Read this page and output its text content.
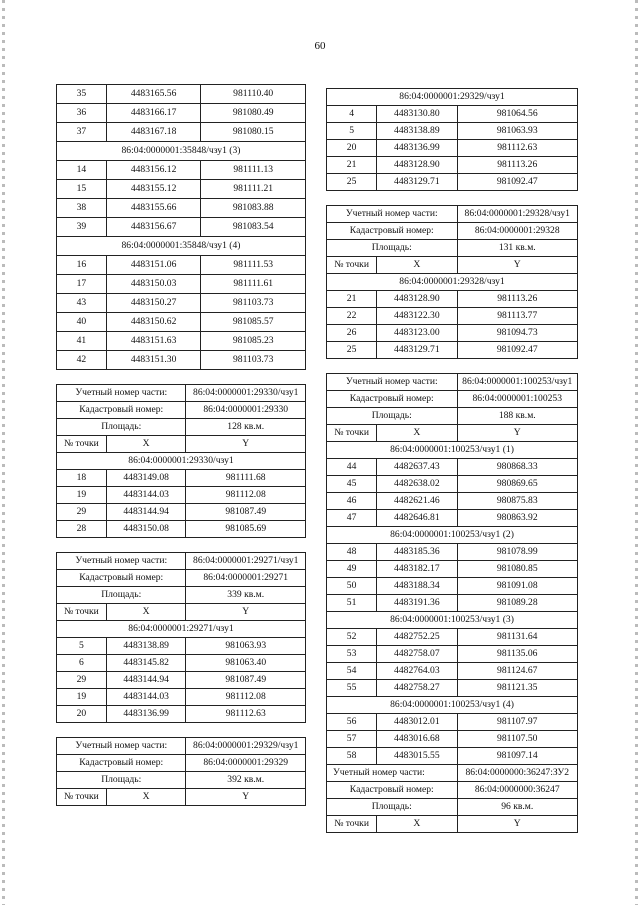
60
35	4483165.56	981110.40
36	4483166.17	981080.49
37	4483167.18	981080.15
86:04:0000001:35848/чзу1 (3)		
14	4483156.12	981111.13
15	4483155.12	981111.21
38	4483155.66	981083.88
39	4483156.67	981083.54
86:04:0000001:35848/чзу1 (4)		
16	4483151.06	981111.53
17	4483150.03	981111.61
43	4483150.27	981103.73
40	4483150.62	981085.57
41	4483151.63	981085.23
42	4483151.30	981103.73
Учетный номер части:		86:04:0000001:29330/чзу1
Кадастровый номер:		86:04:0000001:29330
Площадь:		128 кв.м.
№ точки	X	Y
86:04:0000001:29330/чзу1		
18	4483149.08	981111.68
19	4483144.03	981112.08
29	4483144.94	981087.49
28	4483150.08	981085.69
Учетный номер части:		86:04:0000001:29271/чзу1
Кадастровый номер:		86:04:0000001:29271
Площадь:		339 кв.м.
№ точки	X	Y
86:04:0000001:29271/чзу1		
5	4483138.89	981063.93
6	4483145.82	981063.40
29	4483144.94	981087.49
19	4483144.03	981112.08
20	4483136.99	981112.63
Учетный номер части:		86:04:0000001:29329/чзу1
Кадастровый номер:		86:04:0000001:29329
Площадь:		392 кв.м.
№ точки	X	Y
86:04:0000001:29329/чзу1		
4	4483130.80	981064.56
5	4483138.89	981063.93
20	4483136.99	981112.63
21	4483128.90	981113.26
25	4483129.71	981092.47
Учетный номер части:		86:04:0000001:29328/чзу1
Кадастровый номер:		86:04:0000001:29328
Площадь:		131 кв.м.
№ точки	X	Y
86:04:0000001:29328/чзу1		
21	4483128.90	981113.26
22	4483122.30	981113.77
26	4483123.00	981094.73
25	4483129.71	981092.47
Учетный номер части:		86:04:0000001:100253/чзу1
Кадастровый номер:		86:04:0000001:100253
Площадь:		188 кв.м.
№ точки	X	Y
86:04:0000001:100253/чзу1 (1)		
44	4482637.43	980868.33
45	4482638.02	980869.65
46	4482621.46	980875.83
47	4482646.81	980863.92
86:04:0000001:100253/чзу1 (2)		
48	4483185.36	981078.99
49	4483182.17	981080.85
50	4483188.34	981091.08
51	4483191.36	981089.28
86:04:0000001:100253/чзу1 (3)		
52	4482752.25	981131.64
53	4482758.07	981135.06
54	4482764.03	981124.67
55	4482758.27	981121.35
86:04:0000001:100253/чзу1 (4)		
56	4483012.01	981107.97
57	4483016.68	981107.50
58	4483015.55	981097.14
Учетный номер части:		86:04:0000000:36247:ЗУ2
Кадастровый номер:		86:04:0000000:36247
Площадь:		96 кв.м.
№ точки	X	Y
